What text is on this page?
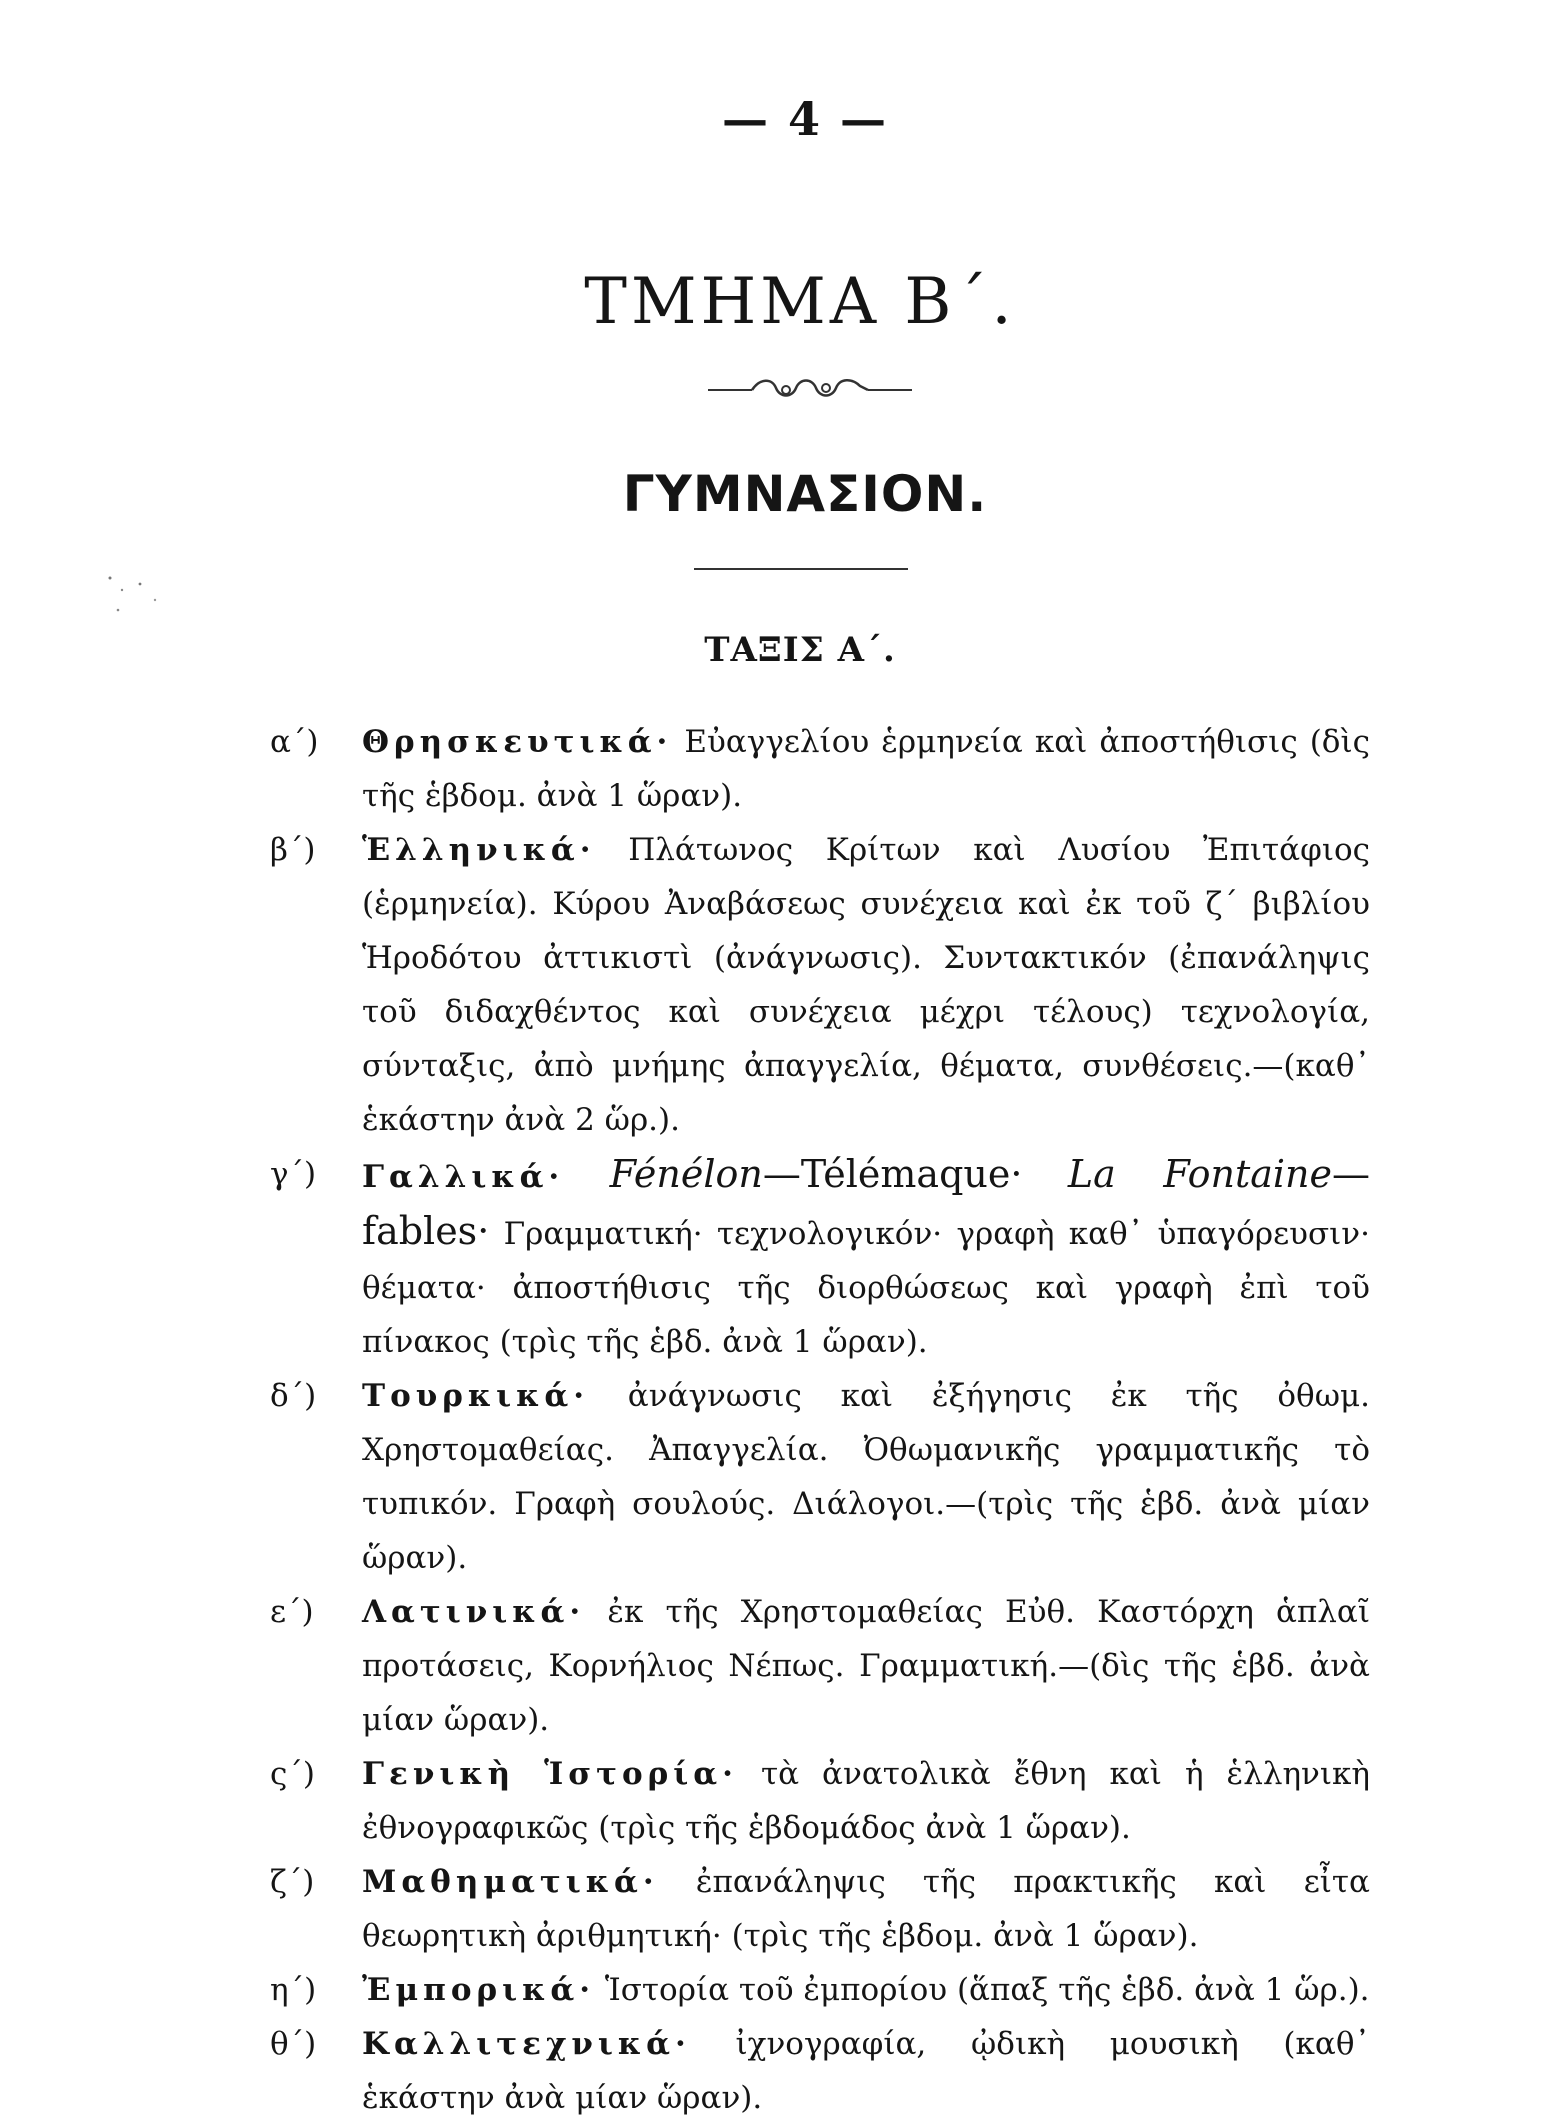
— 4 —
ΤΜΗΜΑ Β΄.
ΓΥΜΝΑΣΙΟΝ.
ΤΑΞΙΣ Α΄.
α΄)	Θρησκευτικά· Εὐαγγελίου ἑρμηνεία καὶ ἀποστήθισις (δὶς τῆς ἑβδομ. ἀνὰ 1 ὥραν).
β΄)	Ἑλληνικά· Πλάτωνος Κρίτων καὶ Λυσίου Ἐπιτάφιος (ἑρμηνεία). Κύρου Ἀναβάσεως συνέχεια καὶ ἐκ τοῦ ζ΄ βιβλίου Ἡροδότου ἀττικιστὶ (ἀνάγνωσις). Συντακτικόν (ἐπανάληψις τοῦ διδαχθέντος καὶ συνέχεια μέχρι τέλους) τεχνολογία, σύνταξις, ἀπὸ μνήμης ἀπαγγελία, θέματα, συνθέσεις.—(καθ᾽ ἑκάστην ἀνὰ 2 ὥρ.).
γ΄)	Γαλλικά· Fénélon—Télémaque· La Fontaine—fables· Γραμματική· τεχνολογικόν· γραφὴ καθ᾽ ὑπαγόρευσιν· θέματα· ἀποστήθισις τῆς διορθώσεως καὶ γραφὴ ἐπὶ τοῦ πίνακος (τρὶς τῆς ἑβδ. ἀνὰ 1 ὥραν).
δ΄)	Τουρκικά· ἀνάγνωσις καὶ ἐξήγησις ἐκ τῆς ὀθωμ. Χρηστομαθείας. Ἀπαγγελία. Ὀθωμανικῆς γραμματικῆς τὸ τυπικόν. Γραφὴ σουλούς. Διάλογοι.—(τρὶς τῆς ἑβδ. ἀνὰ μίαν ὥραν).
ε΄)	Λατινικά· ἐκ τῆς Χρηστομαθείας Εὐθ. Καστόρχη ἁπλαῖ προτάσεις, Κορνήλιος Νέπως. Γραμματική.—(δὶς τῆς ἑβδ. ἀνὰ μίαν ὥραν).
ς΄)	Γενικὴ Ἱστορία· τὰ ἀνατολικὰ ἔθνη καὶ ἡ ἑλληνικὴ ἐθνογραφικῶς (τρὶς τῆς ἑβδομάδος ἀνὰ 1 ὥραν).
ζ΄)	Μαθηματικά· ἐπανάληψις τῆς πρακτικῆς καὶ εἶτα θεωρητικὴ ἀριθμητική· (τρὶς τῆς ἑβδομ. ἀνὰ 1 ὥραν).
η΄)	Ἐμπορικά· Ἱστορία τοῦ ἐμπορίου (ἅπαξ τῆς ἑβδ. ἀνὰ 1 ὥρ.).
θ΄)	Καλλιτεχνικά· ἰχνογραφία, ᾠδικὴ μουσικὴ (καθ᾽ ἑκάστην ἀνὰ μίαν ὥραν).
